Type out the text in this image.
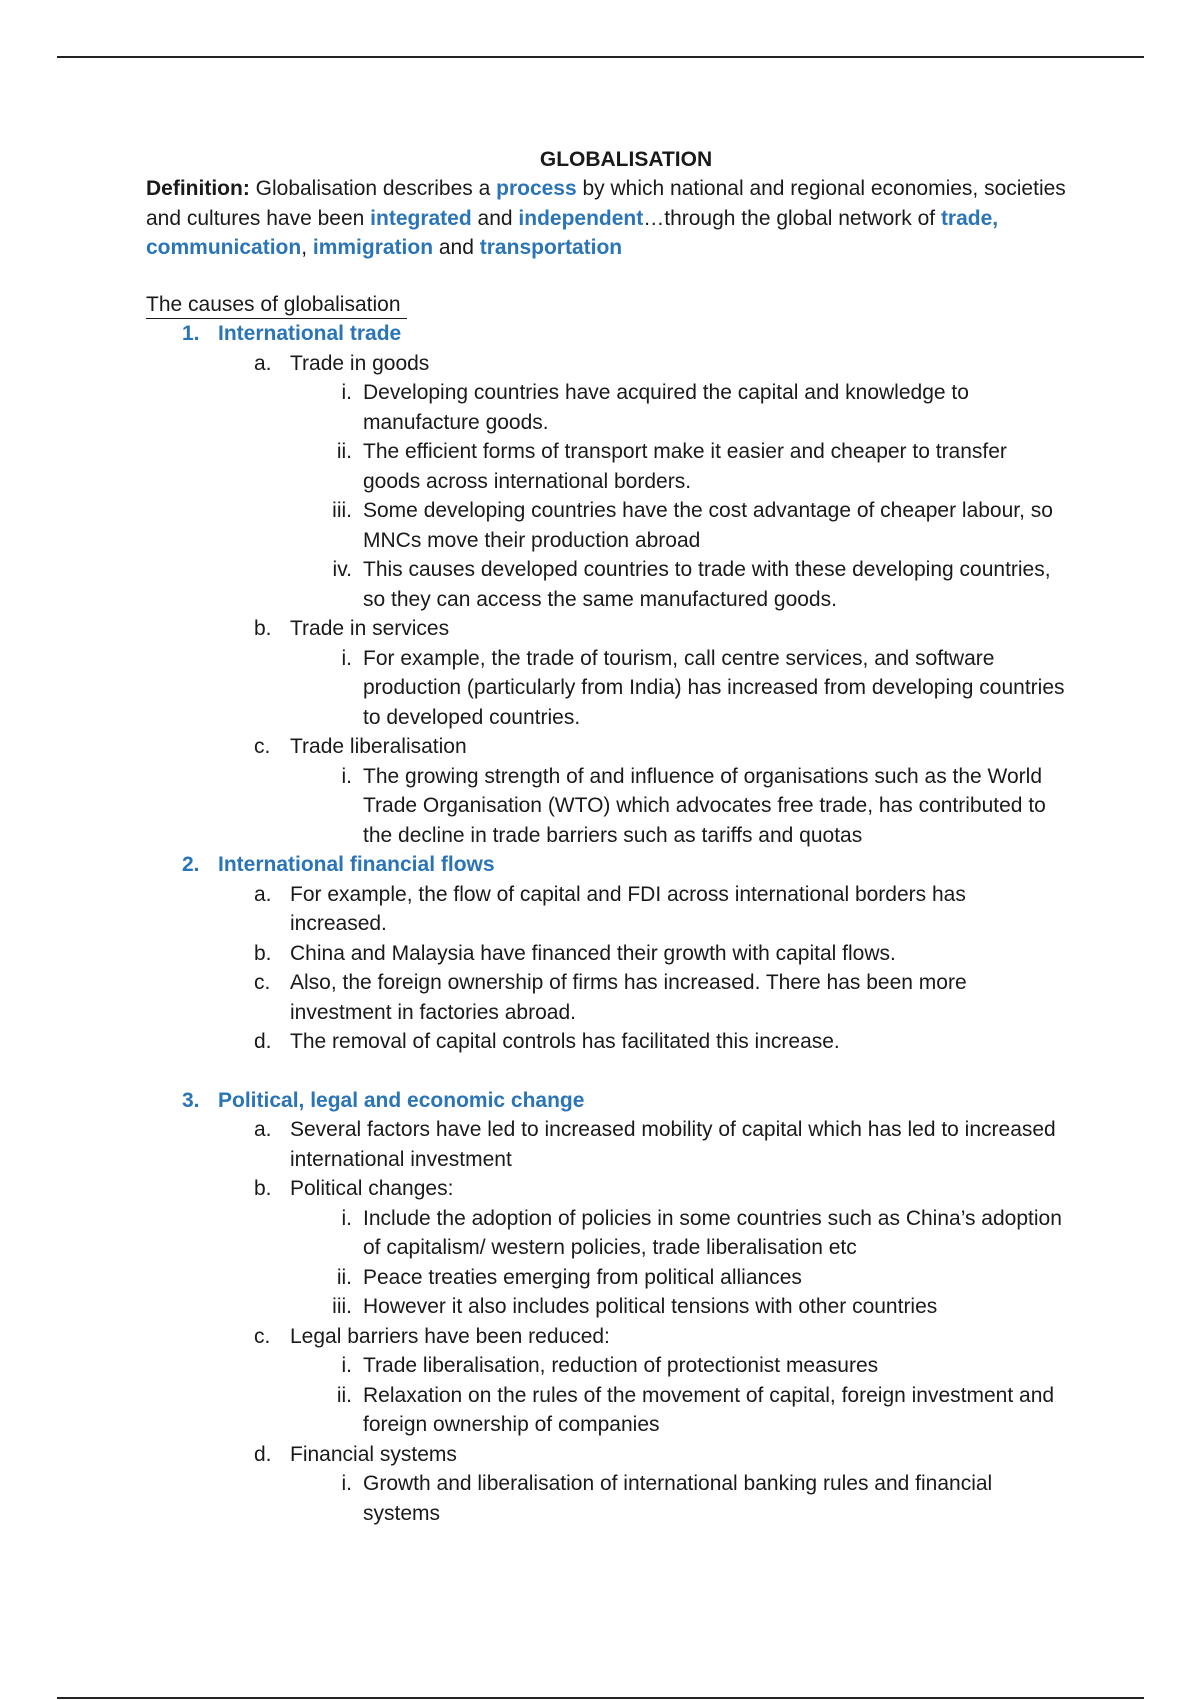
GLOBALISATION

Definition: Globalisation describes a process by which national and regional economies, societies and cultures have been integrated and independent…through the global network of trade, communication, immigration and transportation

The causes of globalisation
1. International trade
a. Trade in goods
i. Developing countries have acquired the capital and knowledge to manufacture goods.
ii. The efficient forms of transport make it easier and cheaper to transfer goods across international borders.
iii. Some developing countries have the cost advantage of cheaper labour, so MNCs move their production abroad
iv. This causes developed countries to trade with these developing countries, so they can access the same manufactured goods.
b. Trade in services
i. For example, the trade of tourism, call centre services, and software production (particularly from India) has increased from developing countries to developed countries.
c. Trade liberalisation
i. The growing strength of and influence of organisations such as the World Trade Organisation (WTO) which advocates free trade, has contributed to the decline in trade barriers such as tariffs and quotas
2. International financial flows
a. For example, the flow of capital and FDI across international borders has increased.
b. China and Malaysia have financed their growth with capital flows.
c. Also, the foreign ownership of firms has increased. There has been more investment in factories abroad.
d. The removal of capital controls has facilitated this increase.
3. Political, legal and economic change
a. Several factors have led to increased mobility of capital which has led to increased international investment
b. Political changes:
i. Include the adoption of policies in some countries such as China’s adoption of capitalism/ western policies, trade liberalisation etc
ii. Peace treaties emerging from political alliances
iii. However it also includes political tensions with other countries
c. Legal barriers have been reduced:
i. Trade liberalisation, reduction of protectionist measures
ii. Relaxation on the rules of the movement of capital, foreign investment and foreign ownership of companies
d. Financial systems
i. Growth and liberalisation of international banking rules and financial systems
